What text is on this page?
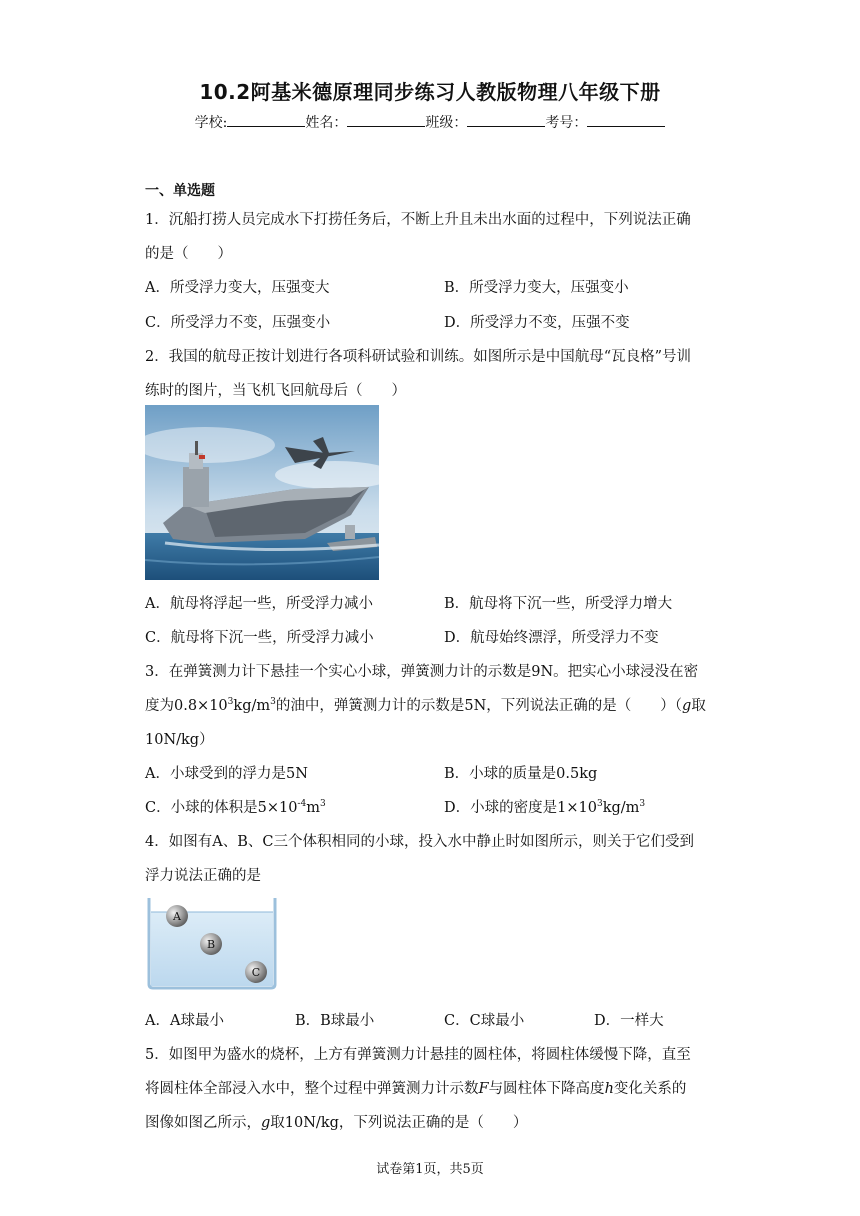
10.2阿基米德原理同步练习人教版物理八年级下册
学校:	姓名：	班级：	考号：
一、单选题
1．沉船打捞人员完成水下打捞任务后，不断上升且未出水面的过程中，下列说法正确
的是（　　）
A．所受浮力变大，压强变大	B．所受浮力变大，压强变小
C．所受浮力不变，压强变小	D．所受浮力不变，压强不变
2．我国的航母正按计划进行各项科研试验和训练。如图所示是中国航母“瓦良格”号训
练时的图片，当飞机飞回航母后（　　）
A．航母将浮起一些，所受浮力减小	B．航母将下沉一些，所受浮力增大
C．航母将下沉一些，所受浮力减小	D．航母始终漂浮，所受浮力不变
3．在弹簧测力计下悬挂一个实心小球，弹簧测力计的示数是9N。把实心小球浸没在密
度为$0.8\times 10^3kg/m^3$的油中，弹簧测力计的示数是5N，下列说法正确的是（　　）（g取
10N/kg）
A．小球受到的浮力是5N	B．小球的质量是0.5kg
C．小球的体积是$5\times 10^{-4}m^3$	D．小球的密度是$1\times 10^3kg/m^3$
4．如图有A、B、C三个体积相同的小球，投入水中静止时如图所示，则关于它们受到
浮力说法正确的是
A
B
C
A．A球最小	B．B球最小	C．C球最小	D．一样大
5．如图甲为盛水的烧杯，上方有弹簧测力计悬挂的圆柱体，将圆柱体缓慢下降，直至
将圆柱体全部浸入水中，整个过程中弹簧测力计示数F与圆柱体下降高度h变化关系的
图像如图乙所示，g取10N/kg，下列说法正确的是（　　）
试卷第1页，共5页
